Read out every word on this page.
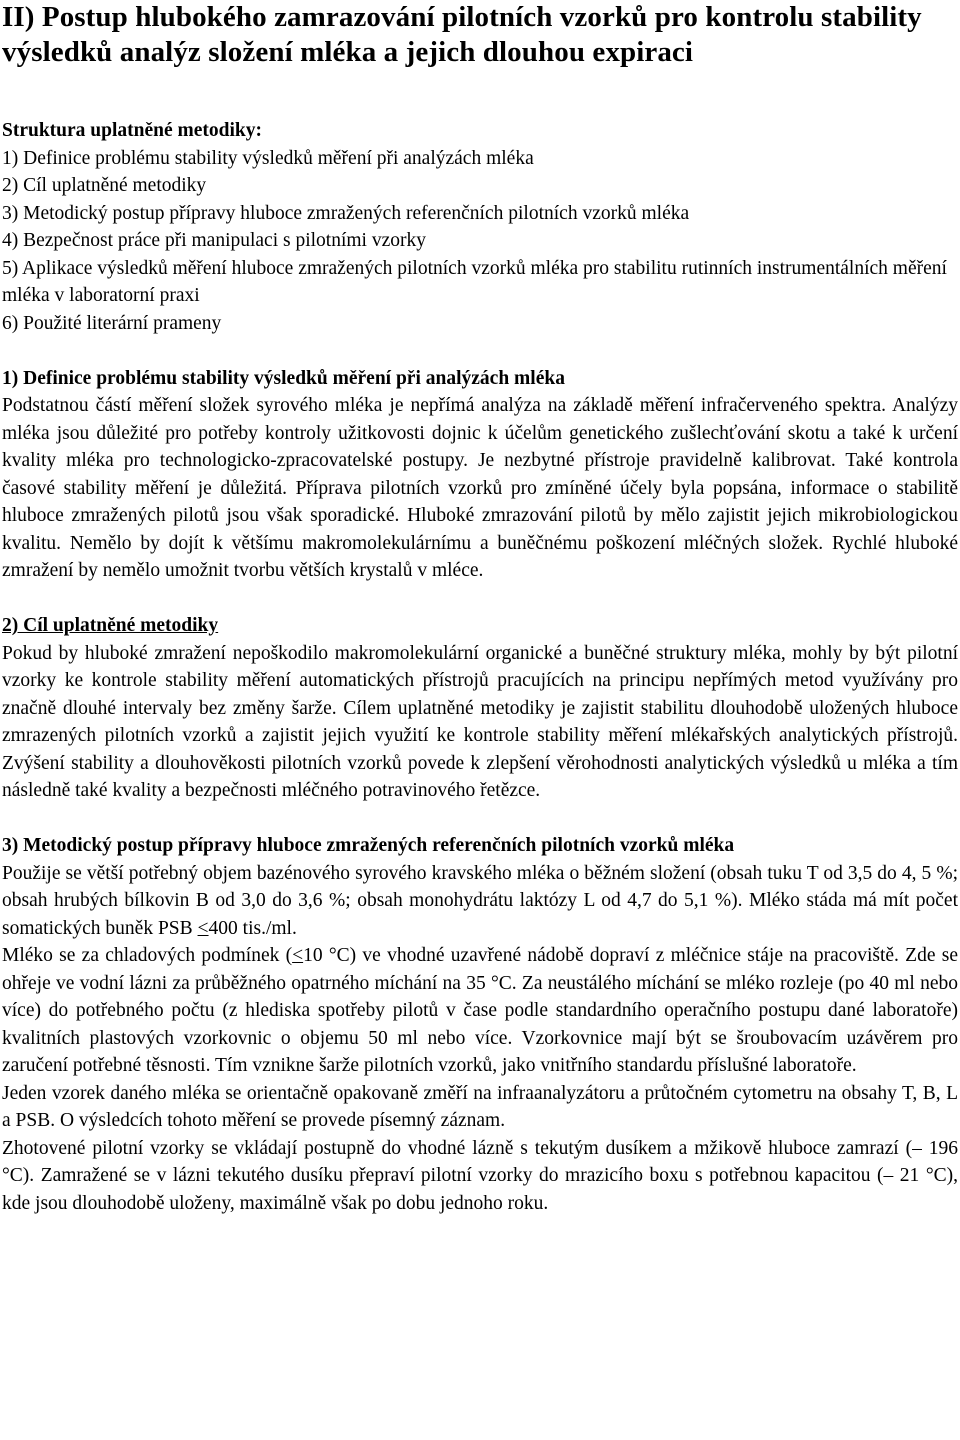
II) Postup hlubokého zamrazování pilotních vzorků pro kontrolu stability výsledků analýz složení mléka a jejich dlouhou expiraci
Struktura uplatněné metodiky:
1) Definice problému stability výsledků měření při analýzách mléka
2) Cíl uplatněné metodiky
3) Metodický postup přípravy hluboce zmražených referenčních pilotních vzorků mléka
4) Bezpečnost práce při manipulaci s pilotními vzorky
5) Aplikace výsledků měření hluboce zmražených pilotních vzorků mléka pro stabilitu rutinních instrumentálních měření mléka v laboratorní praxi
6) Použité literární prameny
1) Definice problému stability výsledků měření při analýzách mléka

Podstatnou částí měření složek syrového mléka je nepřímá analýza na základě měření infračerveného spektra. Analýzy mléka jsou důležité pro potřeby kontroly užitkovosti dojnic k účelům genetického zušlechťování skotu a také k určení kvality mléka pro technologicko-zpracovatelské postupy. Je nezbytné přístroje pravidelně kalibrovat. Také kontrola časové stability měření je důležitá. Příprava pilotních vzorků pro zmíněné účely byla popsána, informace o stabilitě hluboce zmražených pilotů jsou však sporadické. Hluboké zmrazování pilotů by mělo zajistit jejich mikrobiologickou kvalitu. Nemělo by dojít k většímu makromolekulárnímu a buněčnému poškození mléčných složek. Rychlé hluboké zmražení by nemělo umožnit tvorbu větších krystalů v mléce.

2) Cíl uplatněné metodiky

Pokud by hluboké zmražení nepoškodilo makromolekulární organické a buněčné struktury mléka, mohly by být pilotní vzorky ke kontrole stability měření automatických přístrojů pracujících na principu nepřímých metod využívány pro značně dlouhé intervaly bez změny šarže. Cílem uplatněné metodiky je zajistit stabilitu dlouhodobě uložených hluboce zmrazených pilotních vzorků a zajistit jejich využití ke kontrole stability měření mlékařských analytických přístrojů. Zvýšení stability a dlouhověkosti pilotních vzorků povede k zlepšení věrohodnosti analytických výsledků u mléka a tím následně také kvality a bezpečnosti mléčného potravinového řetězce.

3) Metodický postup přípravy hluboce zmražených referenčních pilotních vzorků mléka

Použije se větší potřebný objem bazénového syrového kravského mléka o běžném složení (obsah tuku T od 3,5 do 4, 5 %; obsah hrubých bílkovin B od 3,0 do 3,6 %; obsah monohydrátu laktózy L od 4,7 do 5,1 %). Mléko stáda má mít počet somatických buněk PSB <400 tis./ml.

Mléko se za chladových podmínek (<10 °C) ve vhodné uzavřené nádobě dopraví z mléčnice stáje na pracoviště. Zde se ohřeje ve vodní lázni za průběžného opatrného míchání na 35 °C. Za neustálého míchání se mléko rozleje (po 40 ml nebo více) do potřebného počtu (z hlediska spotřeby pilotů v čase podle standardního operačního postupu dané laboratoře) kvalitních plastových vzorkovnic o objemu 50 ml nebo více. Vzorkovnice mají být se šroubovacím uzávěrem pro zaručení potřebné těsnosti. Tím vznikne šarže pilotních vzorků, jako vnitřního standardu příslušné laboratoře.

Jeden vzorek daného mléka se orientačně opakovaně změří na infraanalyzátoru a průtočném cytometru na obsahy T, B, L a PSB. O výsledcích tohoto měření se provede písemný záznam.

Zhotovené pilotní vzorky se vkládají postupně do vhodné lázně s tekutým dusíkem a mžikově hluboce zamrazí (– 196 °C). Zamražené se v lázni tekutého dusíku přepraví pilotní vzorky do mrazicího boxu s potřebnou kapacitou (– 21 °C), kde jsou dlouhodobě uloženy, maximálně však po dobu jednoho roku.
